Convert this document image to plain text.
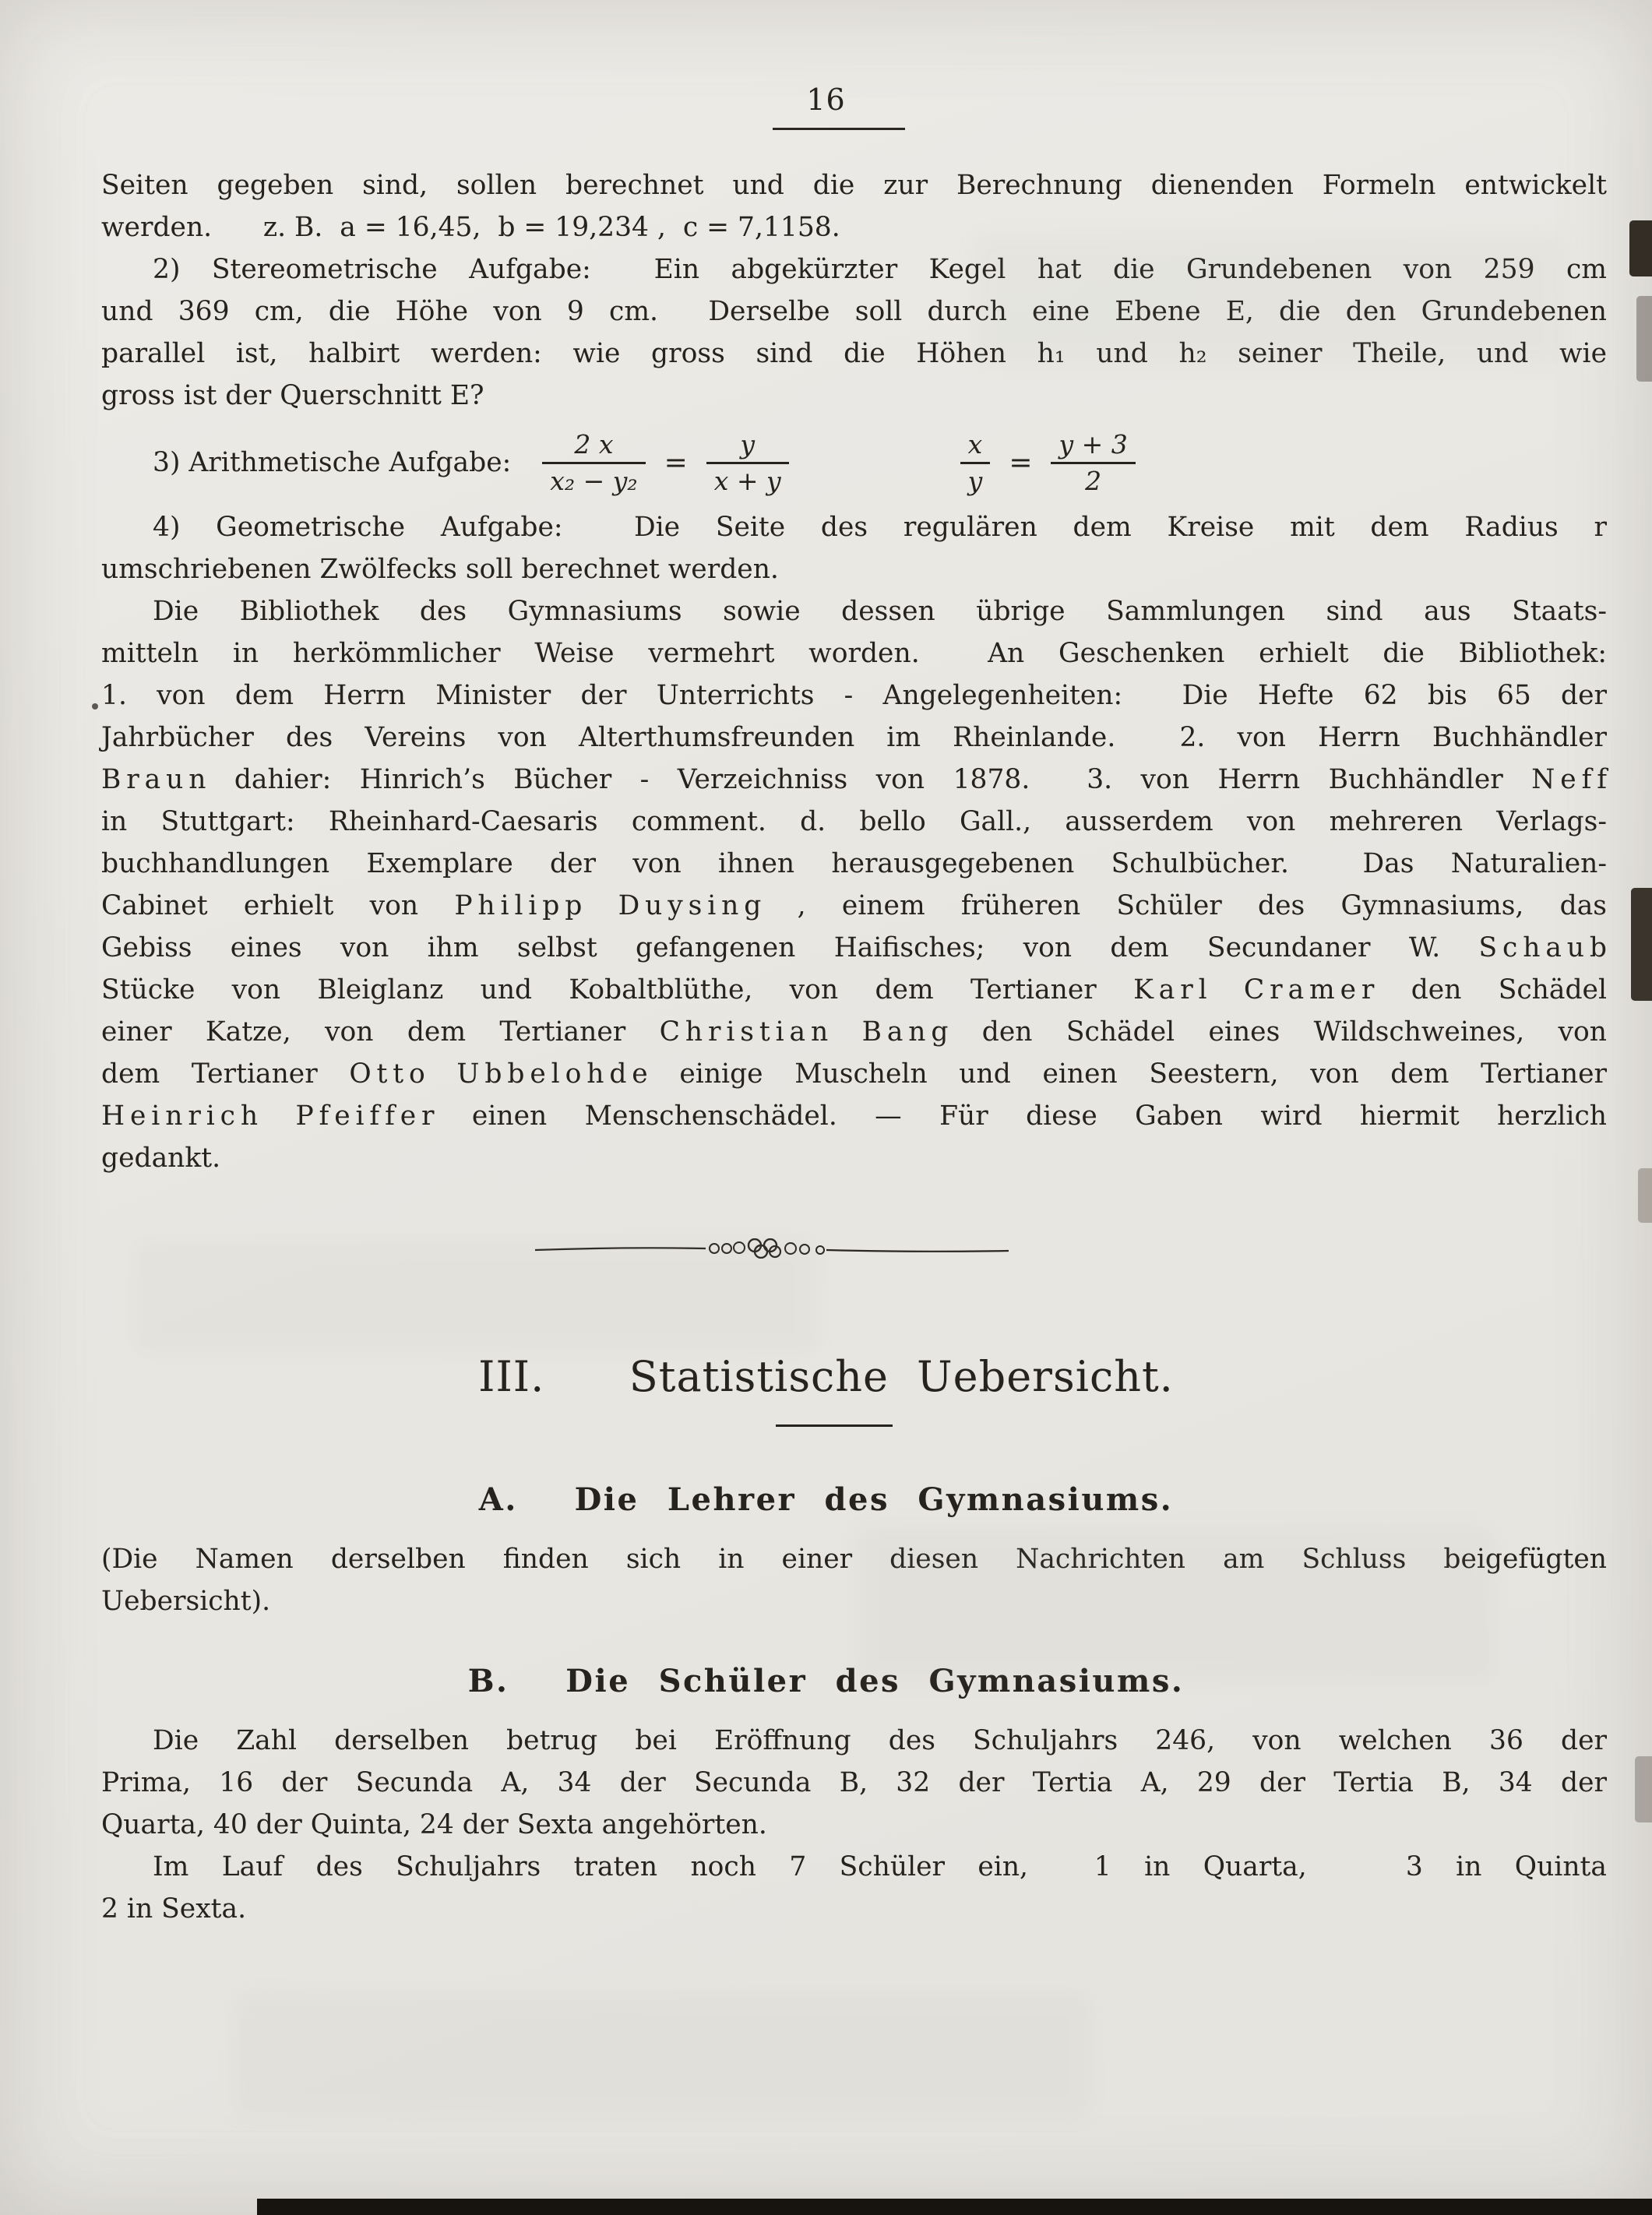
16
Seiten gegeben sind, sollen berechnet und die zur Berechnung dienenden Formeln entwickelt
werden.      z. B.  a = 16,45,  b = 19,234 ,  c = 7,1158.
2) Stereometrische Aufgabe:  Ein abgekürzter Kegel hat die Grundebenen von 259 cm
und 369 cm, die Höhe von 9 cm.  Derselbe soll durch eine Ebene E, die den Grundebenen
parallel ist, halbirt werden: wie gross sind die Höhen h₁ und h₂ seiner Theile, und wie
gross ist der Querschnitt E?
3) Arithmetische Aufgabe: $\frac{2 x}{\text{x₂ − y₂}} = \frac{y}{x + y}$	$\frac{x}{y} = \frac{y + 3}{2}$
4) Geometrische Aufgabe:  Die Seite des regulären dem Kreise mit dem Radius r
umschriebenen Zwölfecks soll berechnet werden.
Die Bibliothek des Gymnasiums sowie dessen übrige Sammlungen sind aus Staats-
mitteln in herkömmlicher Weise vermehrt worden.  An Geschenken erhielt die Bibliothek:
1. von dem Herrn Minister der Unterrichts - Angelegenheiten:  Die Hefte 62 bis 65 der
Jahrbücher des Vereins von Alterthumsfreunden im Rheinlande.  2. von Herrn Buchhändler
B r a u n dahier: Hinrich’s Bücher - Verzeichniss von 1878.  3. von Herrn Buchhändler N e f f
in Stuttgart: Rheinhard-Caesaris comment. d. bello Gall., ausserdem von mehreren Verlags-
buchhandlungen Exemplare der von ihnen herausgegebenen Schulbücher.  Das Naturalien-
Cabinet erhielt von P h i l i p p D u y s i n g , einem früheren Schüler des Gymnasiums, das
Gebiss eines von ihm selbst gefangenen Haifisches; von dem Secundaner W. S c h a u b
Stücke von Bleiglanz und Kobaltblüthe, von dem Tertianer K a r l C r a m e r den Schädel
einer Katze, von dem Tertianer C h r i s t i a n B a n g den Schädel eines Wildschweines, von
dem Tertianer O t t o U b b e l o h d e einige Muscheln und einen Seestern, von dem Tertianer
H e i n r i c h P f e i f f e r einen Menschenschädel. — Für diese Gaben wird hiermit herzlich
gedankt.
III.   Statistische Uebersicht.
A.  Die Lehrer des Gymnasiums.
(Die Namen derselben finden sich in einer diesen Nachrichten am Schluss beigefügten
Uebersicht).
B.  Die Schüler des Gymnasiums.
Die Zahl derselben betrug bei Eröffnung des Schuljahrs 246, von welchen 36 der
Prima, 16 der Secunda A, 34 der Secunda B, 32 der Tertia A, 29 der Tertia B, 34 der
Quarta, 40 der Quinta, 24 der Sexta angehörten.
Im Lauf des Schuljahrs traten noch 7 Schüler ein,  1 in Quarta,   3 in Quinta
2 in Sexta.
